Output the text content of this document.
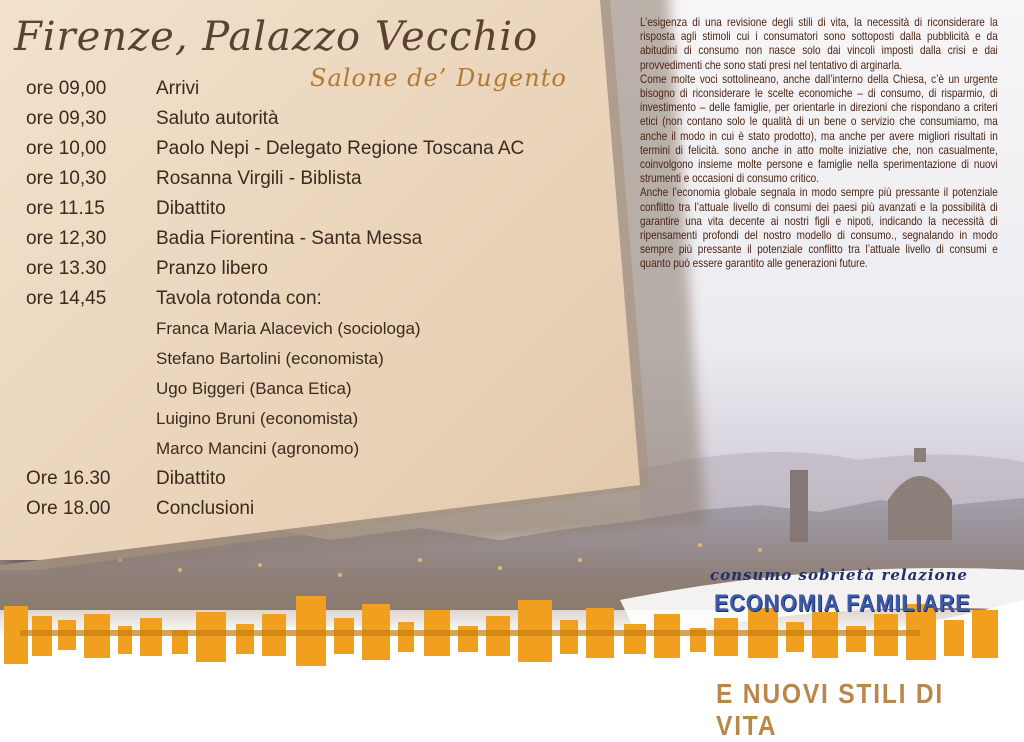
Firenze, Palazzo Vecchio
Salone de’ Dugento
ore 09,00	Arrivi
ore 09,30	Saluto autorità
ore 10,00	Paolo Nepi - Delegato Regione Toscana AC
ore 10,30	Rosanna Virgili - Biblista
ore 11.15	Dibattito
ore 12,30	Badia Fiorentina - Santa Messa
ore 13.30	Pranzo libero
ore 14,45	Tavola rotonda con:
Franca Maria Alacevich (sociologa)
Stefano Bartolini (economista)
Ugo Biggeri (Banca Etica)
Luigino Bruni (economista)
Marco Mancini (agronomo)
Ore 16.30	Dibattito
Ore 18.00	Conclusioni

L’esigenza di una revisione degli stili di vita, la necessità di riconsiderare la risposta agli stimoli cui i consumatori sono sottoposti dalla pubblicità e da abitudini di consumo non nasce solo dai vincoli imposti dalla crisi e dai provvedimenti che sono stati presi nel tentativo di arginarla.

Come molte voci sottolineano, anche dall’interno della Chiesa, c’è un urgente bisogno di riconsiderare le scelte economiche – di consumo, di risparmio, di investimento – delle famiglie, per orientarle in direzioni che rispondano a criteri etici (non contano solo le qualità di un bene o servizio che consumiamo, ma anche il modo in cui è stato prodotto), ma anche per avere migliori risultati in termini di felicità. sono anche in atto molte iniziative che, non casualmente, coinvolgono insieme molte persone e famiglie nella sperimentazione di nuovi strumenti e occasioni di consumo critico.

Anche l’economia globale segnala in modo sempre più pressante il potenziale conflitto tra l’attuale livello di consumi dei paesi più avanzati e la possibilità di garantire una vita decente ai nostri figli e nipoti, indicando la necessità di ripensamenti profondi del nostro modello di consumo., segnalando in modo sempre più pressante il potenziale conflitto tra l’attuale livello di consumi e quanto può essere garantito alle generazioni future.

consumo sobrietà relazione
ECONOMIA FAMILIARE
E NUOVI STILI DI VITA
